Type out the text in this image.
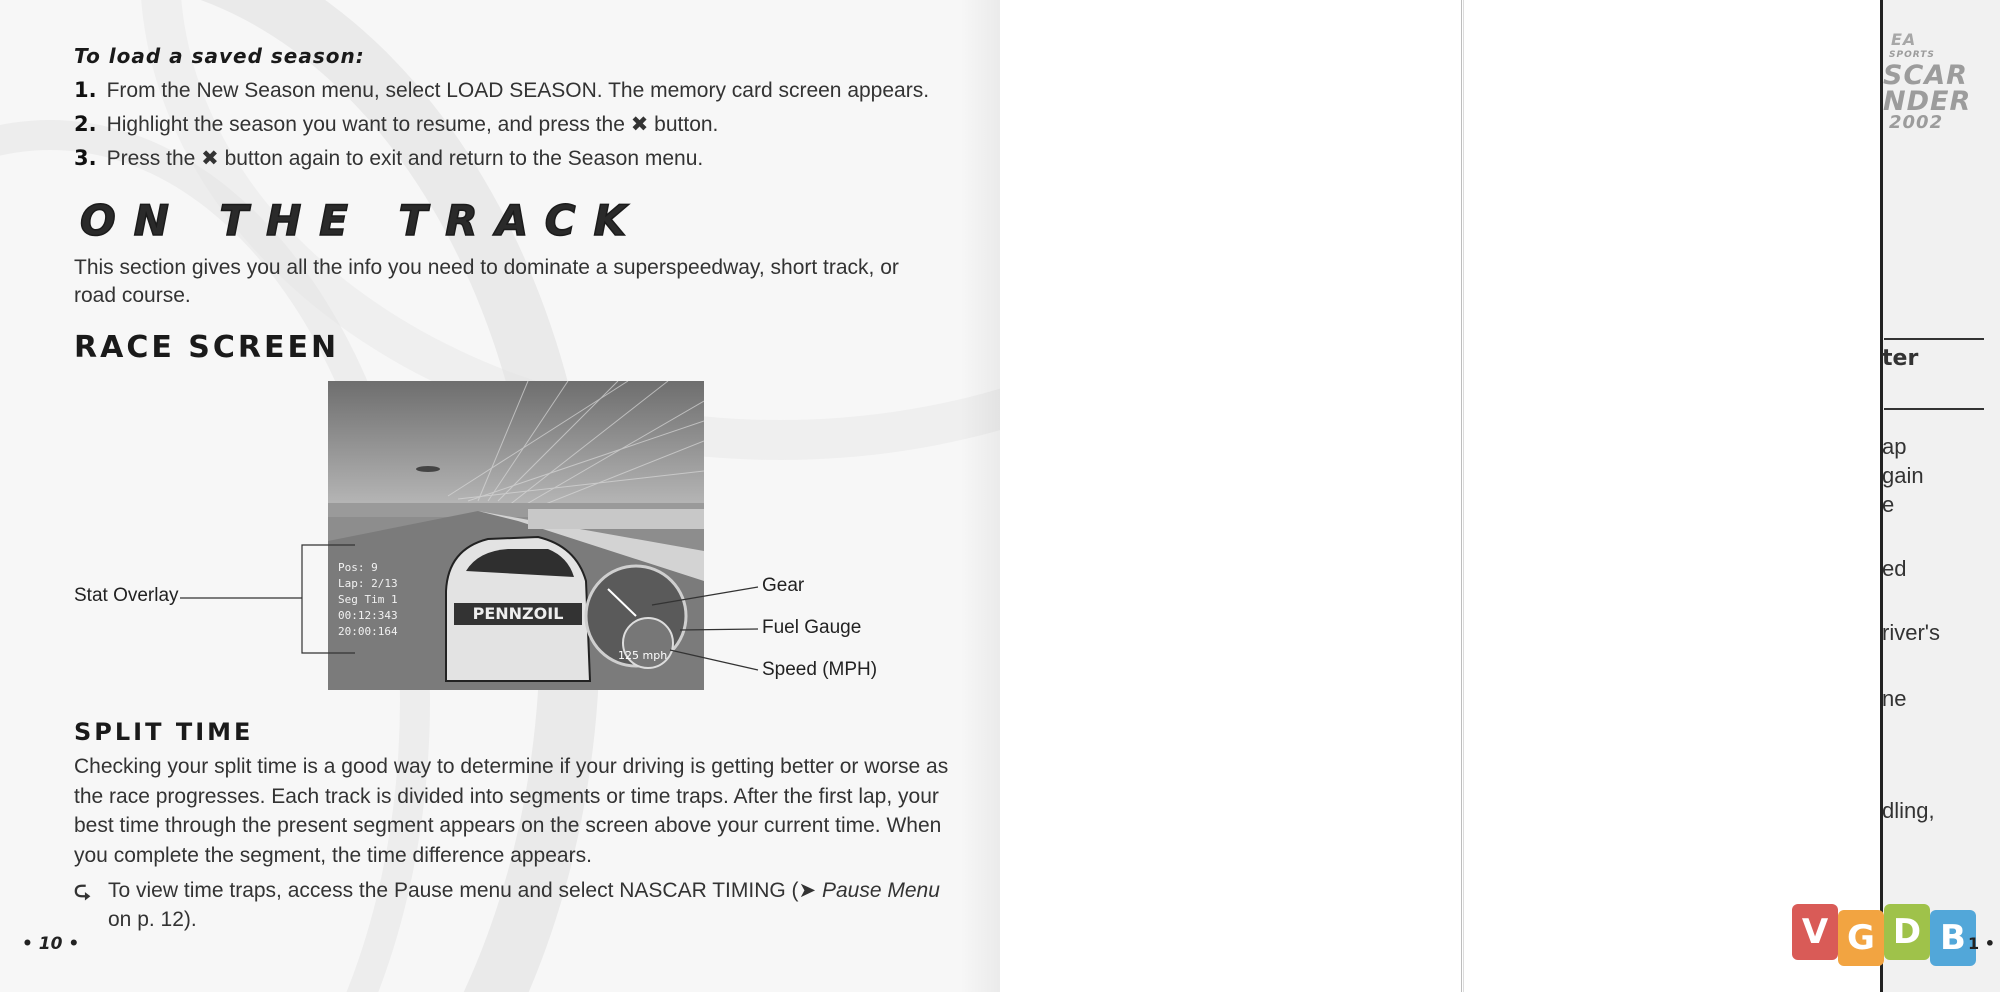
To load a saved season:
1. From the New Season menu, select LOAD SEASON. The memory card screen appears.
2. Highlight the season you want to resume, and press the ✖ button.
3. Press the ✖ button again to exit and return to the Season menu.
ON THE TRACK
This section gives you all the info you need to dominate a superspeedway, short track, or road course.
RACE SCREEN
PENNZOIL
125 mph
Pos: 9
Lap: 2/13
Seg Tim 1
00:12:343
20:00:164
Stat Overlay	Gear
Fuel Gauge
Speed (MPH)
SPLIT TIME
Checking your split time is a good way to determine if your driving is getting better or worse as the race progresses. Each track is divided into segments or time traps. After the first lap, your best time through the present segment appears on the screen above your current time. When you complete the segment, the time difference appears.
⮎ To view time traps, access the Pause menu and select NASCAR TIMING (➤ Pause Menu
on p. 12).
• 10 •
EA
SPORTS
SCAR
NDER
2002
ter
ap
gain
e
ed
river's
ne
dling,
V G D B 1 •
